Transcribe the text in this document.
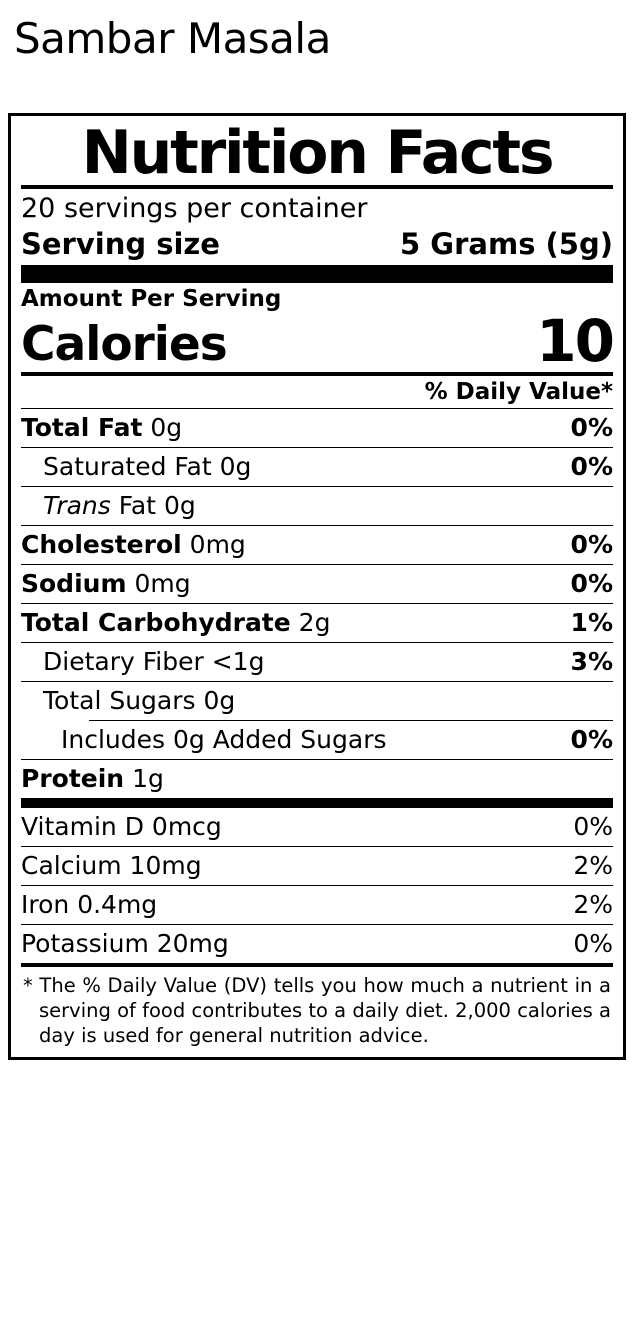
Sambar Masala
Nutrition Facts
20 servings per container
Serving size	5 Grams (5g)
Amount Per Serving
Calories	10
% Daily Value*
Total Fat 0g	0%
Saturated Fat 0g	0%
Trans Fat 0g
Cholesterol 0mg	0%
Sodium 0mg	0%
Total Carbohydrate 2g	1%
Dietary Fiber <1g	3%
Total Sugars 0g
Includes 0g Added Sugars	0%
Protein 1g
Vitamin D 0mcg	0%
Calcium 10mg	2%
Iron 0.4mg	2%
Potassium 20mg	0%

* The % Daily Value (DV) tells you how much a nutrient in a serving of food contributes to a daily diet. 2,000 calories a day is used for general nutrition advice.
